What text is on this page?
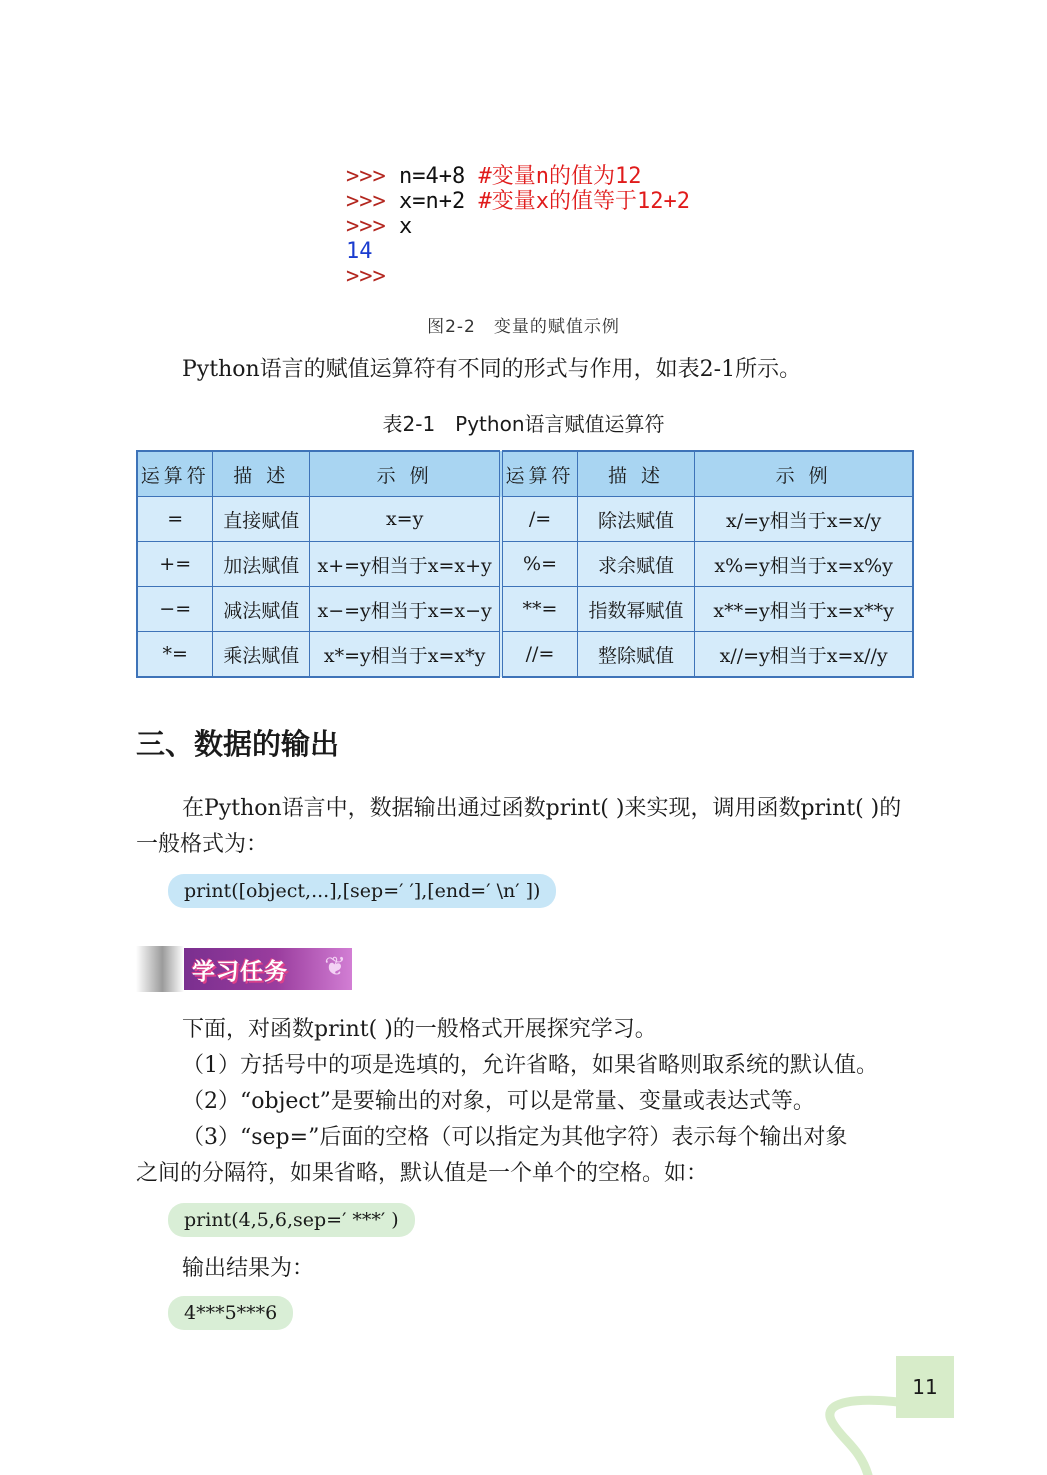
>>> n=4+8 #变量n的值为12
>>> x=n+2 #变量x的值等于12+2
>>> x
14
>>>
图2-2　变量的赋值示例
Python语言的赋值运算符有不同的形式与作用，如表2-1所示。
表2-1　Python语言赋值运算符
运算符	描 述	示 例	运算符	描 述	示 例
=	直接赋值	x=y	/=	除法赋值	x/=y相当于x=x/y
+=	加法赋值	x+=y相当于x=x+y	%=	求余赋值	x%=y相当于x=x%y
−=	减法赋值	x−=y相当于x=x−y	**=	指数幂赋值	x**=y相当于x=x**y
*=	乘法赋值	x*=y相当于x=x*y	//=	整除赋值	x//=y相当于x=x//y
三、数据的输出
在Python语言中，数据输出通过函数print( )来实现，调用函数print( )的
一般格式为：
print([object,...],[sep=′ ′],[end=′ \n′ ])
学习任务 ❦
下面，对函数print( )的一般格式开展探究学习。
（1）方括号中的项是选填的，允许省略，如果省略则取系统的默认值。
（2）“object”是要输出的对象，可以是常量、变量或表达式等。
（3）“sep=”后面的空格（可以指定为其他字符）表示每个输出对象
之间的分隔符，如果省略，默认值是一个单个的空格。如：
print(4,5,6,sep=′ ***′ )
输出结果为：
4***5***6
11
